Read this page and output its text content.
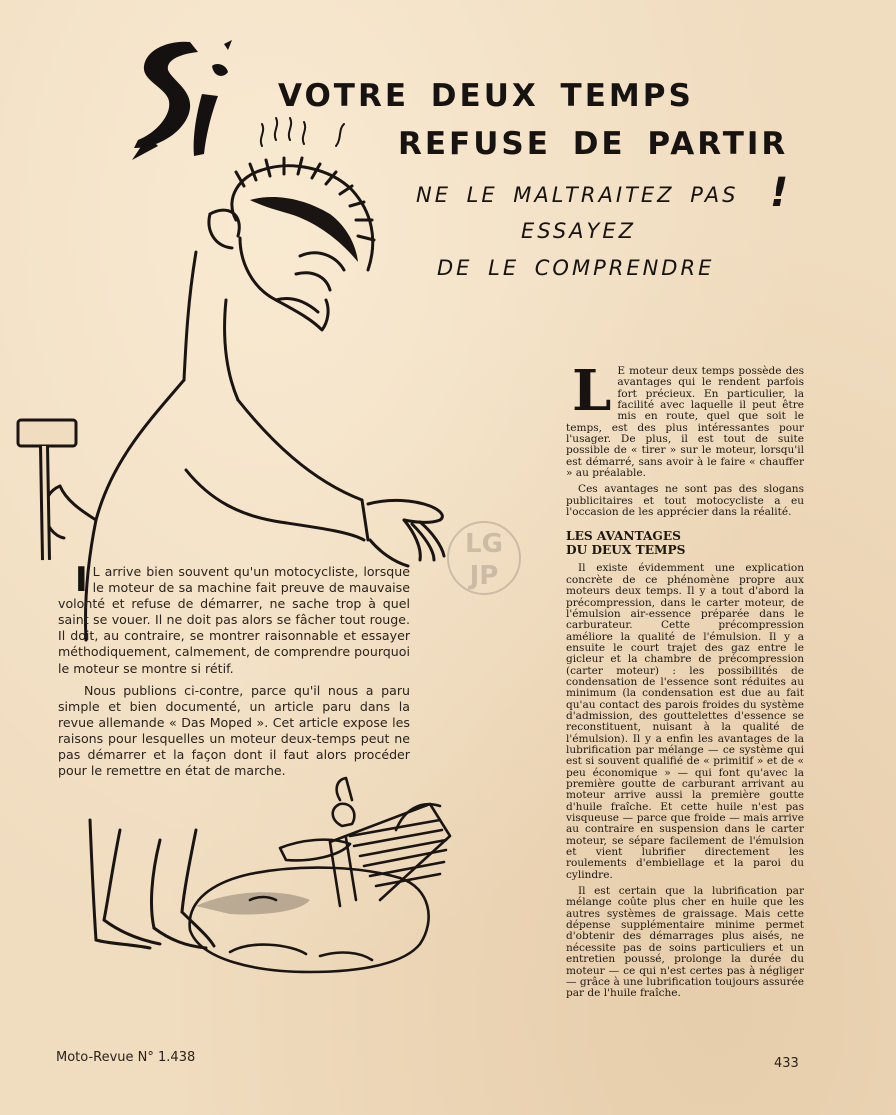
VOTRE DEUX TEMPS
REFUSE DE PARTIR
NE LE MALTRAITEZ PAS !
ESSAYEZ
DE LE COMPRENDRE
LG
JP

I L arrive bien souvent qu'un motocycliste, lorsque le moteur de sa machine fait preuve de mauvaise volonté et refuse de démarrer, ne sache trop à quel saint se vouer. Il ne doit pas alors se fâcher tout rouge. Il doit, au contraire, se montrer raisonnable et essayer méthodiquement, calmement, de comprendre pourquoi le moteur se montre si rétif.

Nous publions ci-contre, parce qu'il nous a paru simple et bien documenté, un article paru dans la revue allemande « Das Moped ». Cet article expose les raisons pour lesquelles un moteur deux-temps peut ne pas démarrer et la façon dont il faut alors procéder pour le remettre en état de marche.

L E moteur deux temps possède des avantages qui le rendent parfois fort précieux. En particulier, la facilité avec laquelle il peut être mis en route, quel que soit le temps, est des plus intéressantes pour l'usager. De plus, il est tout de suite possible de « tirer » sur le moteur, lorsqu'il est démarré, sans avoir à le faire « chauffer » au préalable.

Ces avantages ne sont pas des slogans publicitaires et tout motocycliste a eu l'occasion de les apprécier dans la réalité.

LES AVANTAGES
DU DEUX TEMPS

Il existe évidemment une explication concrète de ce phénomène propre aux moteurs deux temps. Il y a tout d'abord la précompression, dans le carter moteur, de l'émulsion air-essence préparée dans le carburateur. Cette précompression améliore la qualité de l'émulsion. Il y a ensuite le court trajet des gaz entre le gicleur et la chambre de précompression (carter moteur) : les possibilités de condensation de l'essence sont réduites au minimum (la condensation est due au fait qu'au contact des parois froides du système d'admission, des gouttelettes d'essence se reconstituent, nuisant à la qualité de l'émulsion). Il y a enfin les avantages de la lubrification par mélange — ce système qui est si souvent qualifié de « primitif » et de « peu économique » — qui font qu'avec la première goutte de carburant arrivant au moteur arrive aussi la première goutte d'huile fraîche. Et cette huile n'est pas visqueuse — parce que froide — mais arrive au contraire en suspension dans le carter moteur, se sépare facilement de l'émulsion et vient lubrifier directement les roulements d'embiellage et la paroi du cylindre.

Il est certain que la lubrification par mélange coûte plus cher en huile que les autres systèmes de graissage. Mais cette dépense supplémentaire minime permet d'obtenir des démarrages plus aisés, ne nécessite pas de soins particuliers et un entretien poussé, prolonge la durée du moteur — ce qui n'est certes pas à négliger — grâce à une lubrification toujours assurée par de l'huile fraîche.

Moto-Revue N° 1.438	433
